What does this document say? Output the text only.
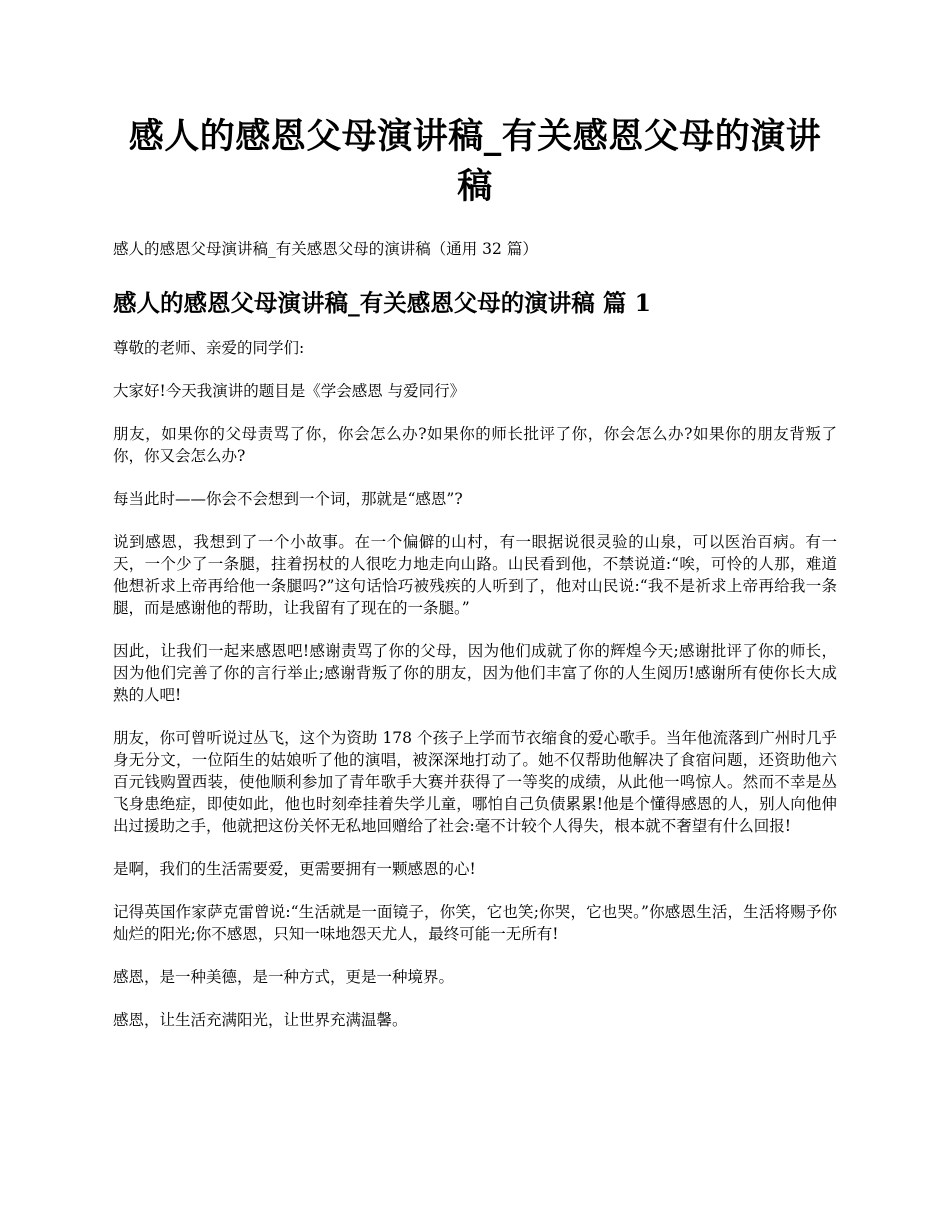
感人的感恩父母演讲稿_有关感恩父母的演讲稿

感人的感恩父母演讲稿_有关感恩父母的演讲稿（通用 32 篇）

感人的感恩父母演讲稿_有关感恩父母的演讲稿 篇 1

尊敬的老师、亲爱的同学们:

大家好!今天我演讲的题目是《学会感恩 与爱同行》

朋友，如果你的父母责骂了你，你会怎么办?如果你的师长批评了你，你会怎么办?如果你的朋友背叛了你，你又会怎么办?

每当此时——你会不会想到一个词，那就是“感恩”?

说到感恩，我想到了一个小故事。在一个偏僻的山村，有一眼据说很灵验的山泉，可以医治百病。有一天，一个少了一条腿，拄着拐杖的人很吃力地走向山路。山民看到他，不禁说道:“唉，可怜的人那，难道他想祈求上帝再给他一条腿吗?”这句话恰巧被残疾的人听到了，他对山民说:“我不是祈求上帝再给我一条腿，而是感谢他的帮助，让我留有了现在的一条腿。”

因此，让我们一起来感恩吧!感谢责骂了你的父母，因为他们成就了你的辉煌今天;感谢批评了你的师长，因为他们完善了你的言行举止;感谢背叛了你的朋友，因为他们丰富了你的人生阅历!感谢所有使你长大成熟的人吧!

朋友，你可曾听说过丛飞，这个为资助 178 个孩子上学而节衣缩食的爱心歌手。当年他流落到广州时几乎身无分文，一位陌生的姑娘听了他的演唱，被深深地打动了。她不仅帮助他解决了食宿问题，还资助他六百元钱购置西装，使他顺利参加了青年歌手大赛并获得了一等奖的成绩，从此他一鸣惊人。然而不幸是丛飞身患绝症，即使如此，他也时刻牵挂着失学儿童，哪怕自己负债累累!他是个懂得感恩的人，别人向他伸出过援助之手，他就把这份关怀无私地回赠给了社会:毫不计较个人得失，根本就不奢望有什么回报!

是啊，我们的生活需要爱，更需要拥有一颗感恩的心!

记得英国作家萨克雷曾说:“生活就是一面镜子，你笑，它也笑;你哭，它也哭。”你感恩生活，生活将赐予你灿烂的阳光;你不感恩，只知一味地怨天尤人，最终可能一无所有!

感恩，是一种美德，是一种方式，更是一种境界。

感恩，让生活充满阳光，让世界充满温馨。
